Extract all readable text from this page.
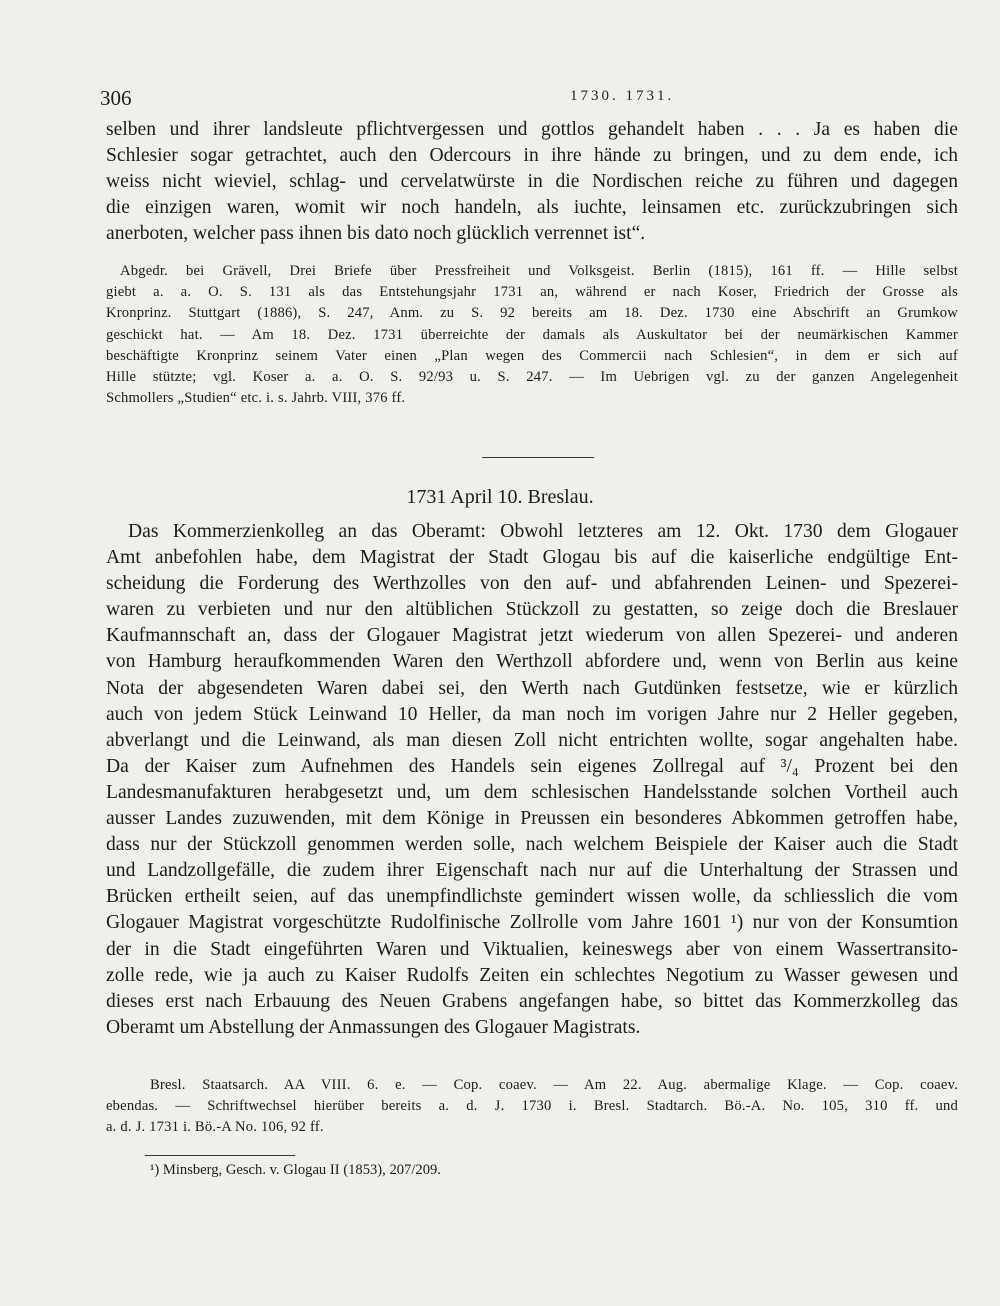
306	1730. 1731.
selben und ihrer landsleute pflichtvergessen und gottlos gehandelt haben . . . Ja es haben die
Schlesier sogar getrachtet, auch den Odercours in ihre hände zu bringen, und zu dem ende, ich
weiss nicht wieviel, schlag- und cervelatwürste in die Nordischen reiche zu führen und dagegen
die einzigen waren, womit wir noch handeln, als iuchte, leinsamen etc. zurückzubringen sich
anerboten, welcher pass ihnen bis dato noch glücklich verrennet ist“.
Abgedr. bei Grävell, Drei Briefe über Pressfreiheit und Volksgeist. Berlin (1815), 161 ff. — Hille selbst
giebt a. a. O. S. 131 als das Entstehungsjahr 1731 an, während er nach Koser, Friedrich der Grosse als
Kronprinz. Stuttgart (1886), S. 247, Anm. zu S. 92 bereits am 18. Dez. 1730 eine Abschrift an Grumkow
geschickt hat. — Am 18. Dez. 1731 überreichte der damals als Auskultator bei der neumärkischen Kammer
beschäftigte Kronprinz seinem Vater einen „Plan wegen des Commercii nach Schlesien“, in dem er sich auf
Hille stützte; vgl. Koser a. a. O. S. 92/93 u. S. 247. — Im Uebrigen vgl. zu der ganzen Angelegenheit
Schmollers „Studien“ etc. i. s. Jahrb. VIII, 376 ff.
1731 April 10. Breslau.
Das Kommerzienkolleg an das Oberamt: Obwohl letzteres am 12. Okt. 1730 dem Glogauer
Amt anbefohlen habe, dem Magistrat der Stadt Glogau bis auf die kaiserliche endgültige Ent-
scheidung die Forderung des Werthzolles von den auf- und abfahrenden Leinen- und Spezerei-
waren zu verbieten und nur den altüblichen Stückzoll zu gestatten, so zeige doch die Breslauer
Kaufmannschaft an, dass der Glogauer Magistrat jetzt wiederum von allen Spezerei- und anderen
von Hamburg heraufkommenden Waren den Werthzoll abfordere und, wenn von Berlin aus keine
Nota der abgesendeten Waren dabei sei, den Werth nach Gutdünken festsetze, wie er kürzlich
auch von jedem Stück Leinwand 10 Heller, da man noch im vorigen Jahre nur 2 Heller gegeben,
abverlangt und die Leinwand, als man diesen Zoll nicht entrichten wollte, sogar angehalten habe.
Da der Kaiser zum Aufnehmen des Handels sein eigenes Zollregal auf ³/₄ Prozent bei den
Landesmanufakturen herabgesetzt und, um dem schlesischen Handelsstande solchen Vortheil auch
ausser Landes zuzuwenden, mit dem Könige in Preussen ein besonderes Abkommen getroffen habe,
dass nur der Stückzoll genommen werden solle, nach welchem Beispiele der Kaiser auch die Stadt
und Landzollgefälle, die zudem ihrer Eigenschaft nach nur auf die Unterhaltung der Strassen und
Brücken ertheilt seien, auf das unempfindlichste gemindert wissen wolle, da schliesslich die vom
Glogauer Magistrat vorgeschützte Rudolfinische Zollrolle vom Jahre 1601 ¹) nur von der Konsumtion
der in die Stadt eingeführten Waren und Viktualien, keineswegs aber von einem Wassertransito-
zolle rede, wie ja auch zu Kaiser Rudolfs Zeiten ein schlechtes Negotium zu Wasser gewesen und
dieses erst nach Erbauung des Neuen Grabens angefangen habe, so bittet das Kommerzkolleg das
Oberamt um Abstellung der Anmassungen des Glogauer Magistrats.
Bresl. Staatsarch. AA VIII. 6. e. — Cop. coaev. — Am 22. Aug. abermalige Klage. — Cop. coaev.
ebendas. — Schriftwechsel hierüber bereits a. d. J. 1730 i. Bresl. Stadtarch. Bö.-A. No. 105, 310 ff. und
a. d. J. 1731 i. Bö.-A No. 106, 92 ff.
¹) Minsberg, Gesch. v. Glogau II (1853), 207/209.
